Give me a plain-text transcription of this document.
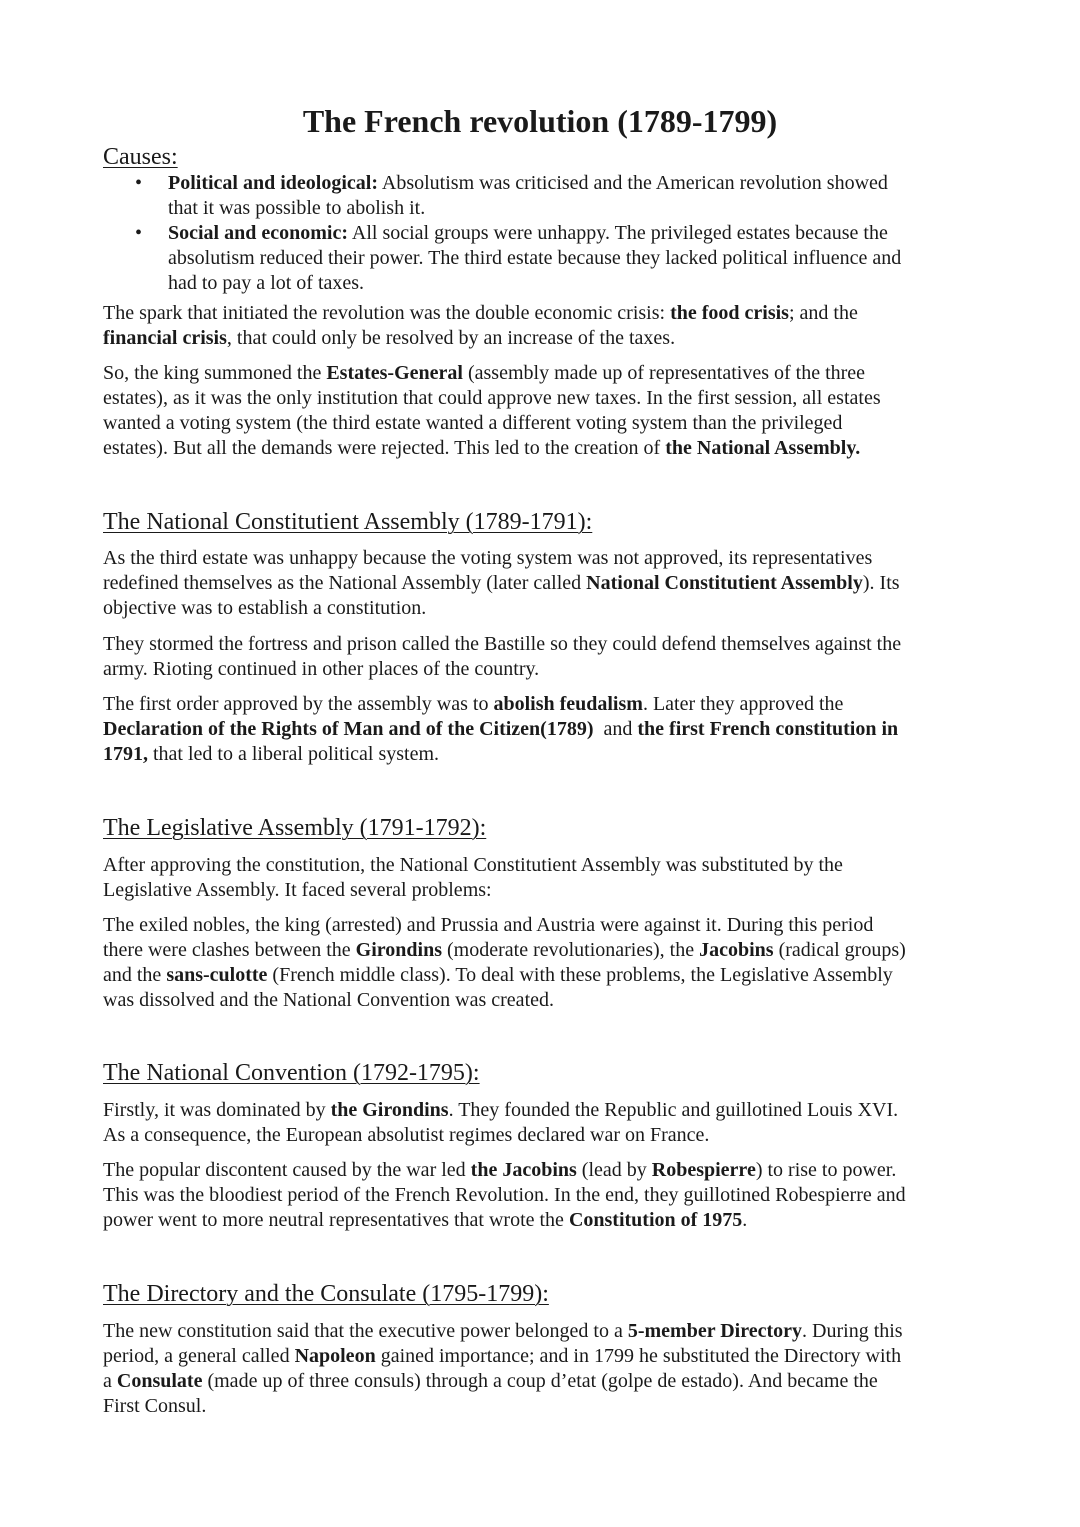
The French revolution (1789-1799)
Causes:
• Political and ideological: Absolutism was criticised and the American revolution showed
that it was possible to abolish it.
• Social and economic: All social groups were unhappy. The privileged estates because the
absolutism reduced their power. The third estate because they lacked political influence and
had to pay a lot of taxes.

The spark that initiated the revolution was the double economic crisis: the food crisis; and the
financial crisis, that could only be resolved by an increase of the taxes.

So, the king summoned the Estates-General (assembly made up of representatives of the three
estates), as it was the only institution that could approve new taxes. In the first session, all estates
wanted a voting system (the third estate wanted a different voting system than the privileged
estates). But all the demands were rejected. This led to the creation of the National Assembly.

The National Constitutient Assembly (1789-1791):

As the third estate was unhappy because the voting system was not approved, its representatives
redefined themselves as the National Assembly (later called National Constitutient Assembly). Its
objective was to establish a constitution.

They stormed the fortress and prison called the Bastille so they could defend themselves against the
army. Rioting continued in other places of the country.

The first order approved by the assembly was to abolish feudalism. Later they approved the
Declaration of the Rights of Man and of the Citizen(1789)  and the first French constitution in
1791, that led to a liberal political system.

The Legislative Assembly (1791-1792):

After approving the constitution, the National Constitutient Assembly was substituted by the
Legislative Assembly. It faced several problems:

The exiled nobles, the king (arrested) and Prussia and Austria were against it. During this period
there were clashes between the Girondins (moderate revolutionaries), the Jacobins (radical groups)
and the sans-culotte (French middle class). To deal with these problems, the Legislative Assembly
was dissolved and the National Convention was created.

The National Convention (1792-1795):

Firstly, it was dominated by the Girondins. They founded the Republic and guillotined Louis XVI.
As a consequence, the European absolutist regimes declared war on France.

The popular discontent caused by the war led the Jacobins (lead by Robespierre) to rise to power.
This was the bloodiest period of the French Revolution. In the end, they guillotined Robespierre and
power went to more neutral representatives that wrote the Constitution of 1975.

The Directory and the Consulate (1795-1799):

The new constitution said that the executive power belonged to a 5-member Directory. During this
period, a general called Napoleon gained importance; and in 1799 he substituted the Directory with
a Consulate (made up of three consuls) through a coup d’etat (golpe de estado). And became the
First Consul.
